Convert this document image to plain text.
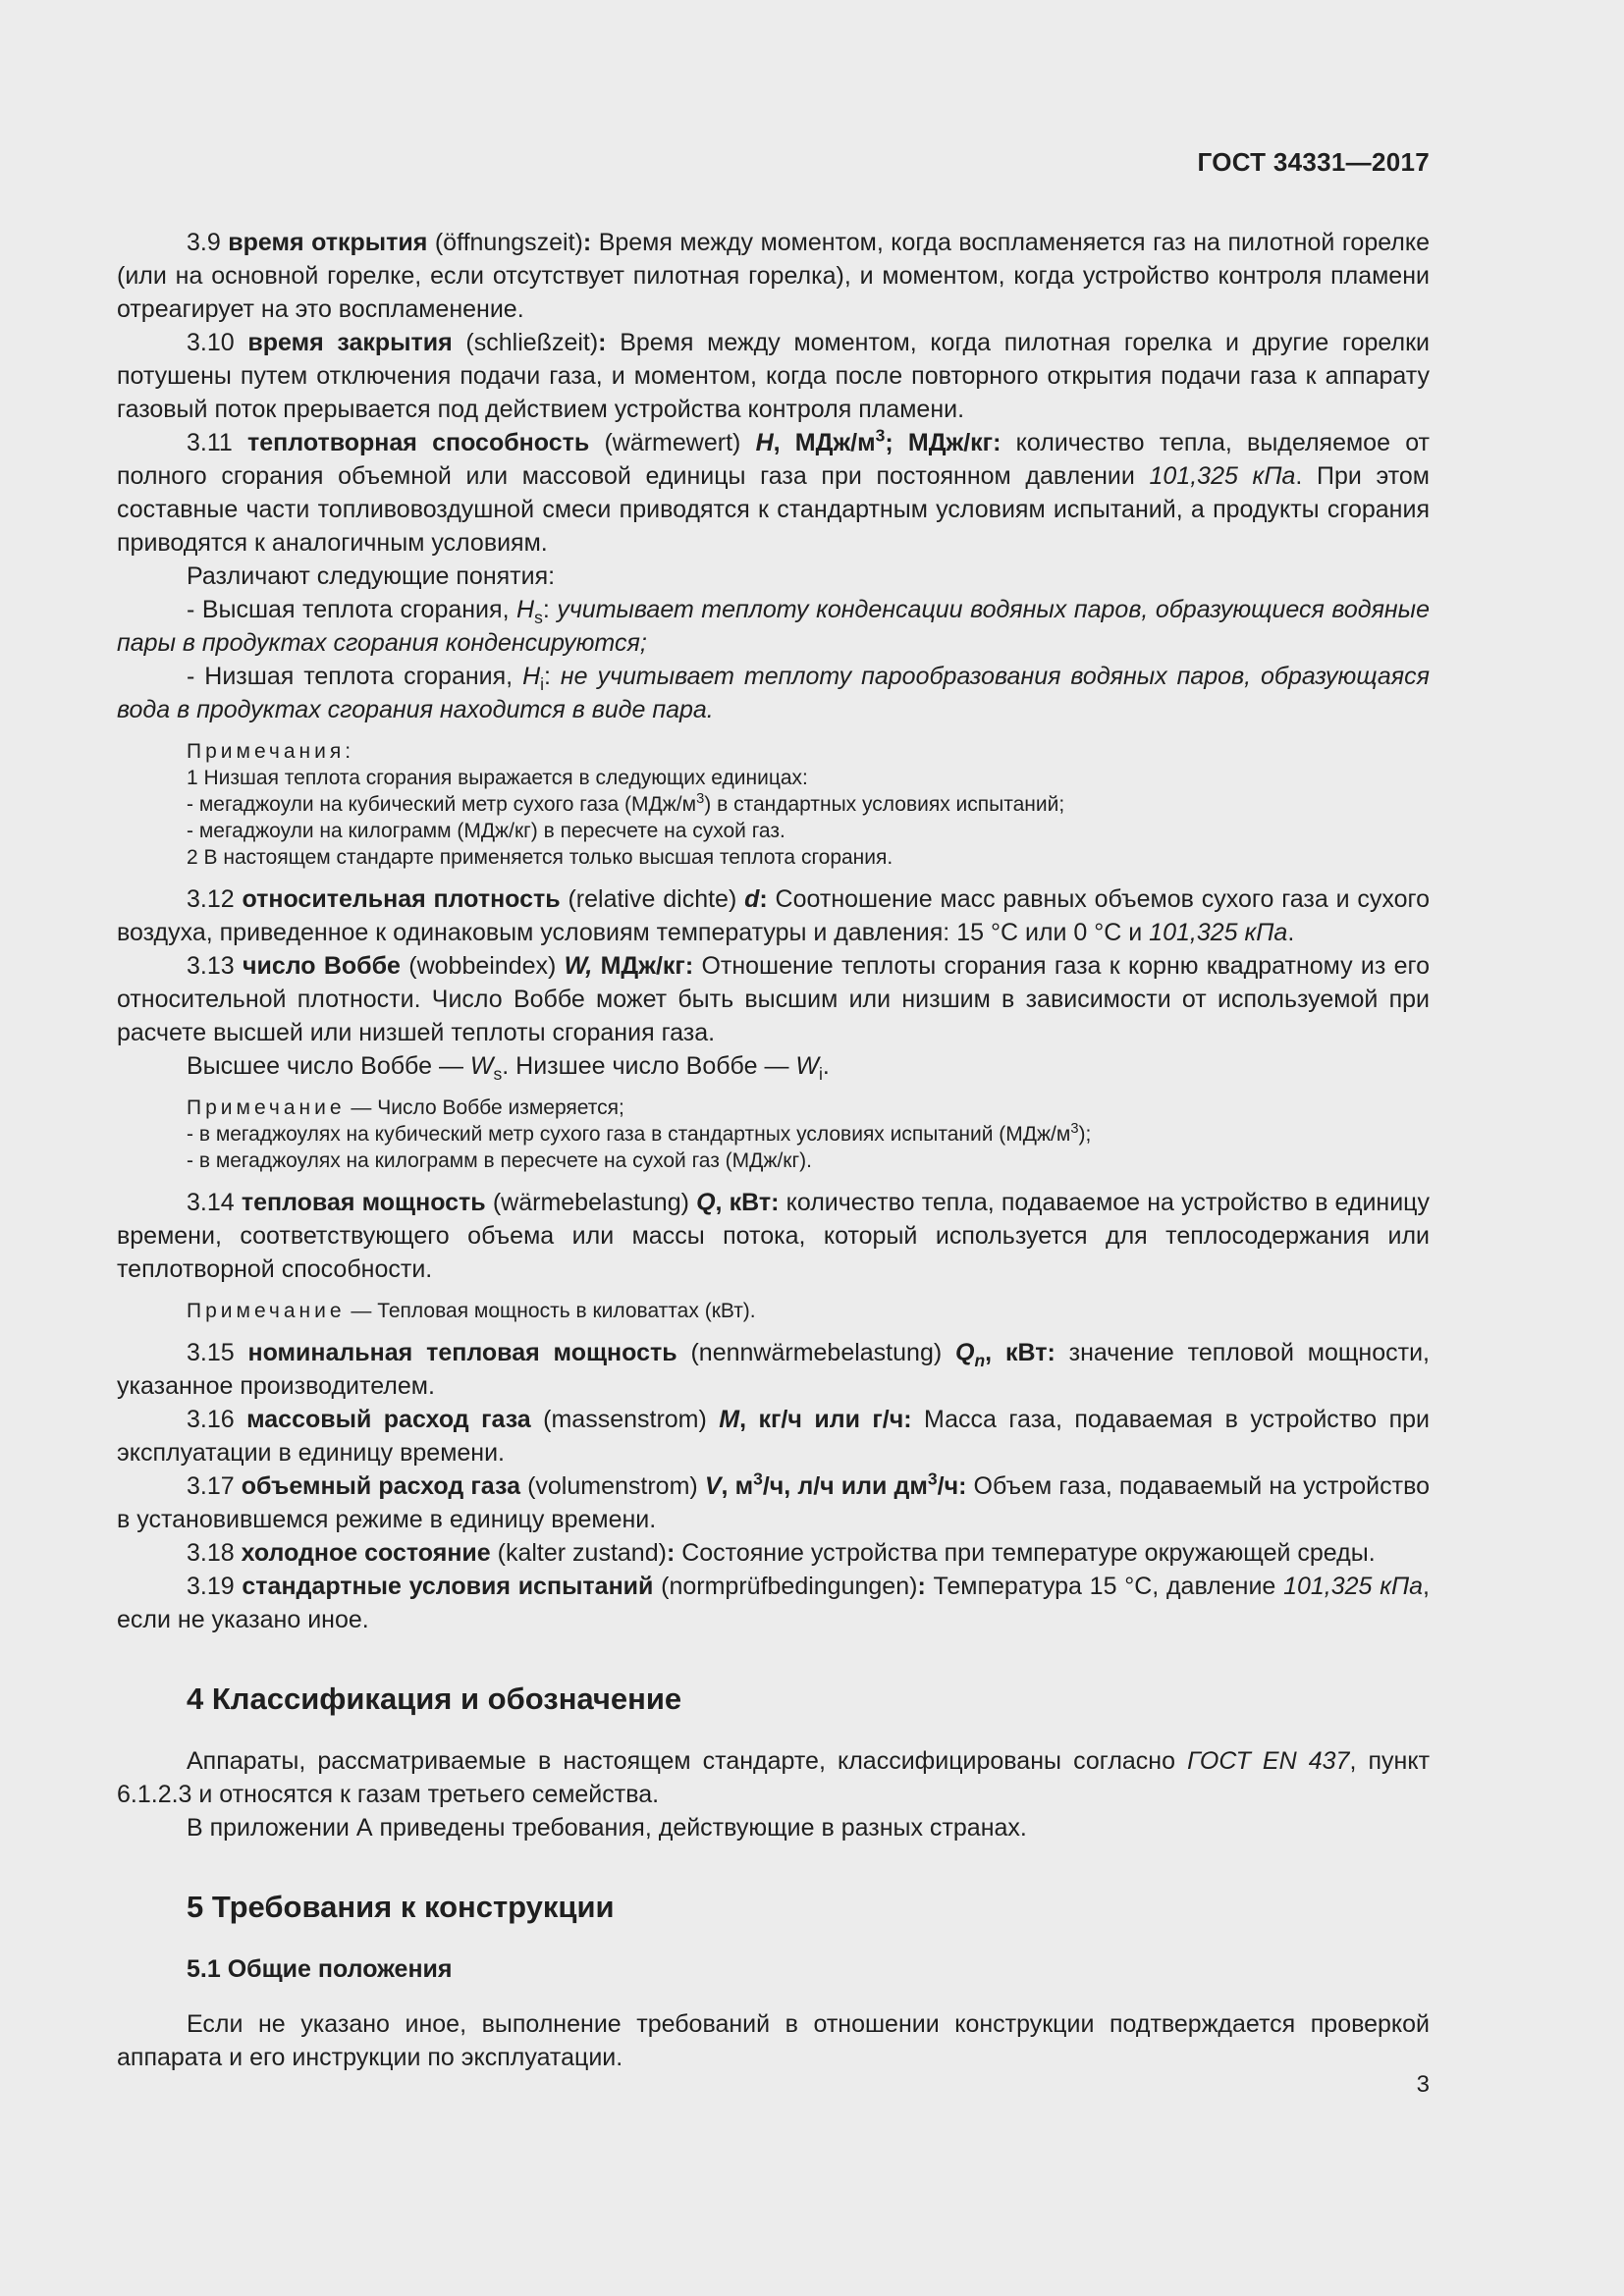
ГОСТ 34331—2017

3.9 время открытия (öffnungszeit): Время между моментом, когда воспламеняется газ на пилотной горелке (или на основной горелке, если отсутствует пилотная горелка), и моментом, когда устройство контроля пламени отреагирует на это воспламенение.

3.10 время закрытия (schließzeit): Время между моментом, когда пилотная горелка и другие горелки потушены путем отключения подачи газа, и моментом, когда после повторного открытия подачи газа к аппарату газовый поток прерывается под действием устройства контроля пламени.

3.11 теплотворная способность (wärmewert) H, МДж/$м^3$; МДж/кг: количество тепла, выделяемое от полного сгорания объемной или массовой единицы газа при постоянном давлении 101,325 кПа. При этом составные части топливовоздушной смеси приводятся к стандартным условиям испытаний, а продукты сгорания приводятся к аналогичным условиям.

Различают следующие понятия:

- Высшая теплота сгорания, $H_s$: учитывает теплоту конденсации водяных паров, образующиеся водяные пары в продуктах сгорания конденсируются;

- Низшая теплота сгорания, $H_i$: не учитывает теплоту парообразования водяных паров, образующаяся вода в продуктах сгорания находится в виде пара.

Примечания:
1 Низшая теплота сгорания выражается в следующих единицах:
- мегаджоули на кубический метр сухого газа $(МДж/м^3)$ в стандартных условиях испытаний;
- мегаджоули на килограмм (МДж/кг) в пересчете на сухой газ.
2 В настоящем стандарте применяется только высшая теплота сгорания.

3.12 относительная плотность (relative dichte) d: Соотношение масс равных объемов сухого газа и сухого воздуха, приведенное к одинаковым условиям температуры и давления: 15 °С или 0 °С и 101,325 кПа.

3.13 число Воббе (wobbeindex) W, МДж/кг: Отношение теплоты сгорания газа к корню квадратному из его относительной плотности. Число Воббе может быть высшим или низшим в зависимости от используемой при расчете высшей или низшей теплоты сгорания газа.

Высшее число Воббе — $W_s$. Низшее число Воббе — $W_i$.

Примечание — Число Воббе измеряется;
- в мегаджоулях на кубический метр сухого газа в стандартных условиях испытаний $(МДж/м^3)$;
- в мегаджоулях на килограмм в пересчете на сухой газ (МДж/кг).

3.14 тепловая мощность (wärmebelastung) Q, кВт: количество тепла, подаваемое на устройство в единицу времени, соответствующего объема или массы потока, который используется для теплосодержания или теплотворной способности.

Примечание — Тепловая мощность в киловаттах (кВт).

3.15 номинальная тепловая мощность (nennwärmebelastung) $Q_n$, кВт: значение тепловой мощности, указанное производителем.

3.16 массовый расход газа (massenstrom) M, кг/ч или г/ч: Масса газа, подаваемая в устройство при эксплуатации в единицу времени.

3.17 объемный расход газа (volumenstrom) V, $м^3/ч$, л/ч или $дм^3/ч$: Объем газа, подаваемый на устройство в установившемся режиме в единицу времени.

3.18 холодное состояние (kalter zustand): Состояние устройства при температуре окружающей среды.

3.19 стандартные условия испытаний (normprüfbedingungen): Температура 15 °С, давление 101,325 кПа, если не указано иное.

4 Классификация и обозначение

Аппараты, рассматриваемые в настоящем стандарте, классифицированы согласно ГОСТ EN 437, пункт 6.1.2.3 и относятся к газам третьего семейства.

В приложении А приведены требования, действующие в разных странах.

5 Требования к конструкции
5.1 Общие положения

Если не указано иное, выполнение требований в отношении конструкции подтверждается проверкой аппарата и его инструкции по эксплуатации.

3
